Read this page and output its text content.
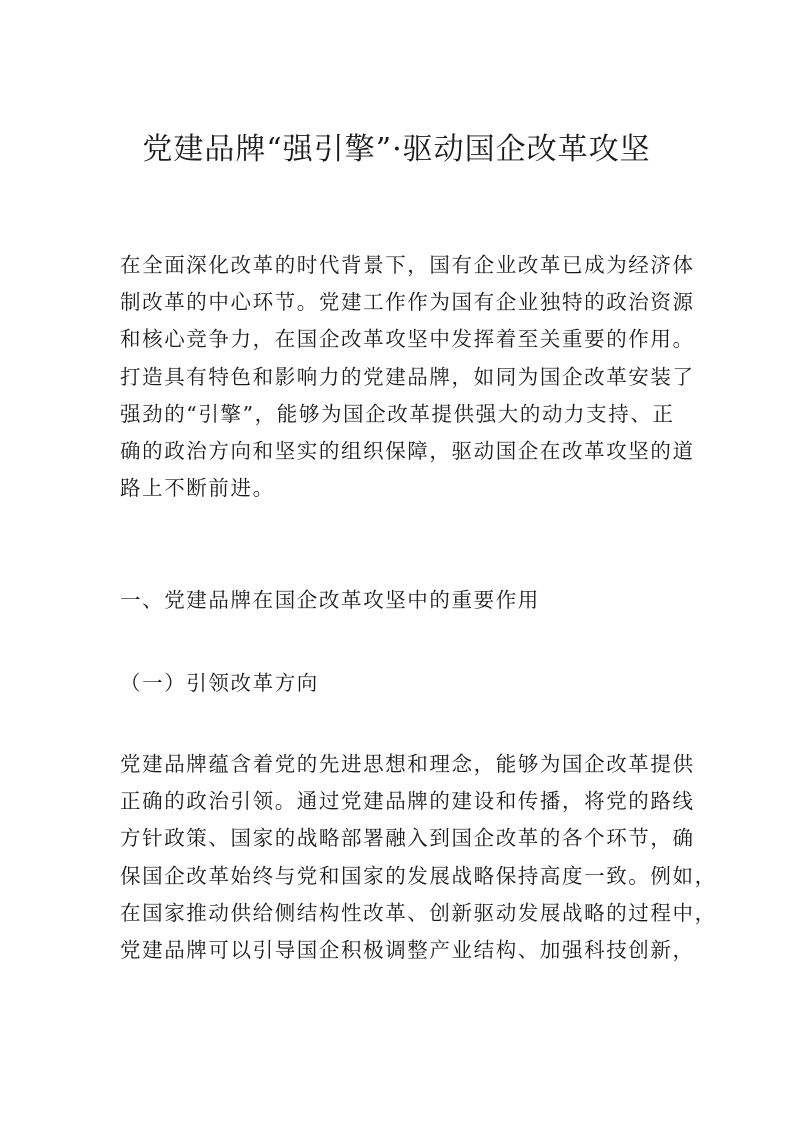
党建品牌“强引擎”·驱动国企改革攻坚
在全面深化改革的时代背景下，国有企业改革已成为经济体
制改革的中心环节。党建工作作为国有企业独特的政治资源
和核心竞争力，在国企改革攻坚中发挥着至关重要的作用。
打造具有特色和影响力的党建品牌，如同为国企改革安装了
强劲的“引擎”，能够为国企改革提供强大的动力支持、正
确的政治方向和坚实的组织保障，驱动国企在改革攻坚的道
路上不断前进。
一、党建品牌在国企改革攻坚中的重要作用
（一）引领改革方向
党建品牌蕴含着党的先进思想和理念，能够为国企改革提供
正确的政治引领。通过党建品牌的建设和传播，将党的路线
方针政策、国家的战略部署融入到国企改革的各个环节，确
保国企改革始终与党和国家的发展战略保持高度一致。例如，
在国家推动供给侧结构性改革、创新驱动发展战略的过程中，
党建品牌可以引导国企积极调整产业结构、加强科技创新，
